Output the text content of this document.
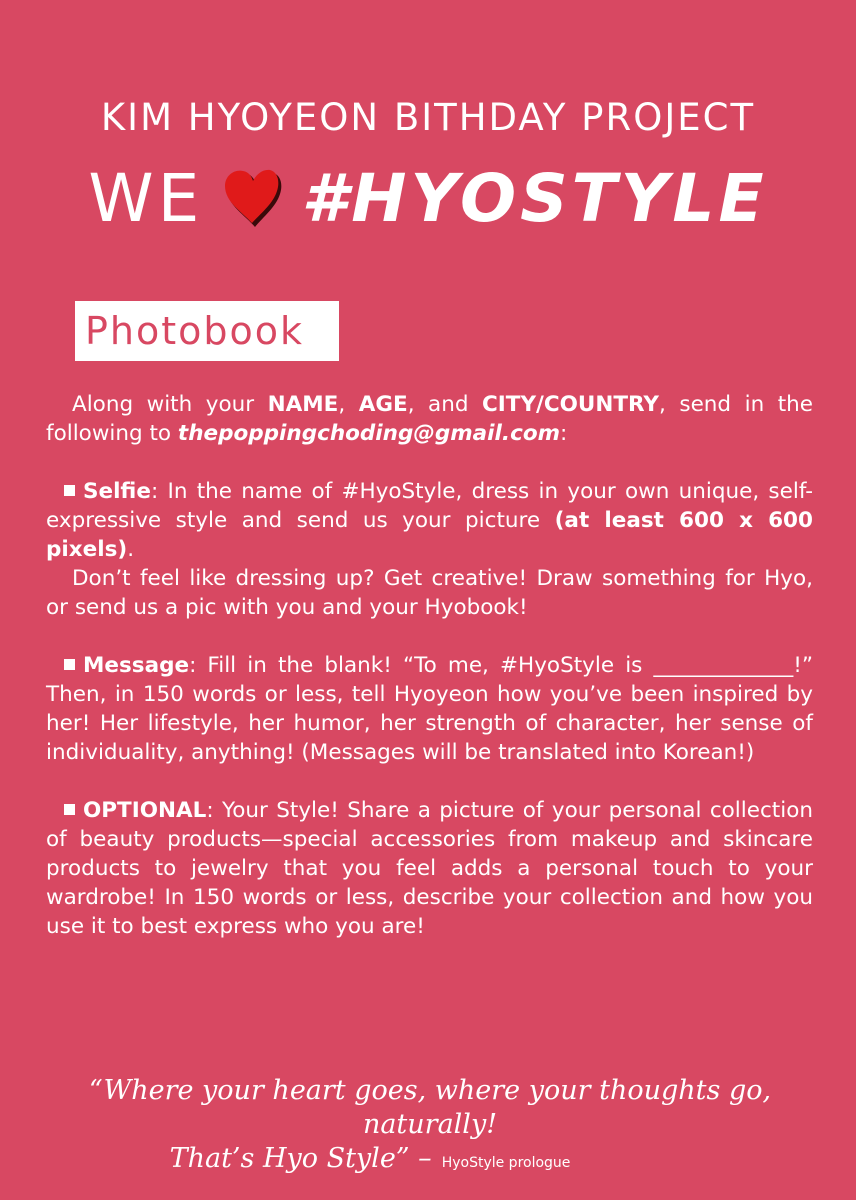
KIM HYOYEON BITHDAY PROJECT
WE #HYOSTYLE
Photobook

Along with your NAME, AGE, and CITY/COUNTRY, send in the following to thepoppingchoding@gmail.com:

Selfie: In the name of #HyoStyle, dress in your own unique, self-expressive style and send us your picture (at least 600 x 600 pixels).

Don’t feel like dressing up? Get creative! Draw something for Hyo, or send us a pic with you and your Hyobook!

Message: Fill in the blank! “To me, #HyoStyle is _____________!” Then, in 150 words or less, tell Hyoyeon how you’ve been inspired by her! Her lifestyle, her humor, her strength of character, her sense of individuality, anything! (Messages will be translated into Korean!)

OPTIONAL: Your Style! Share a picture of your personal collection of beauty products—special accessories from makeup and skincare products to jewelry that you feel adds a personal touch to your wardrobe! In 150 words or less, describe your collection and how you use it to best express who you are!

“Where your heart goes, where your thoughts go, naturally!

That’s Hyo Style” – HyoStyle prologue
